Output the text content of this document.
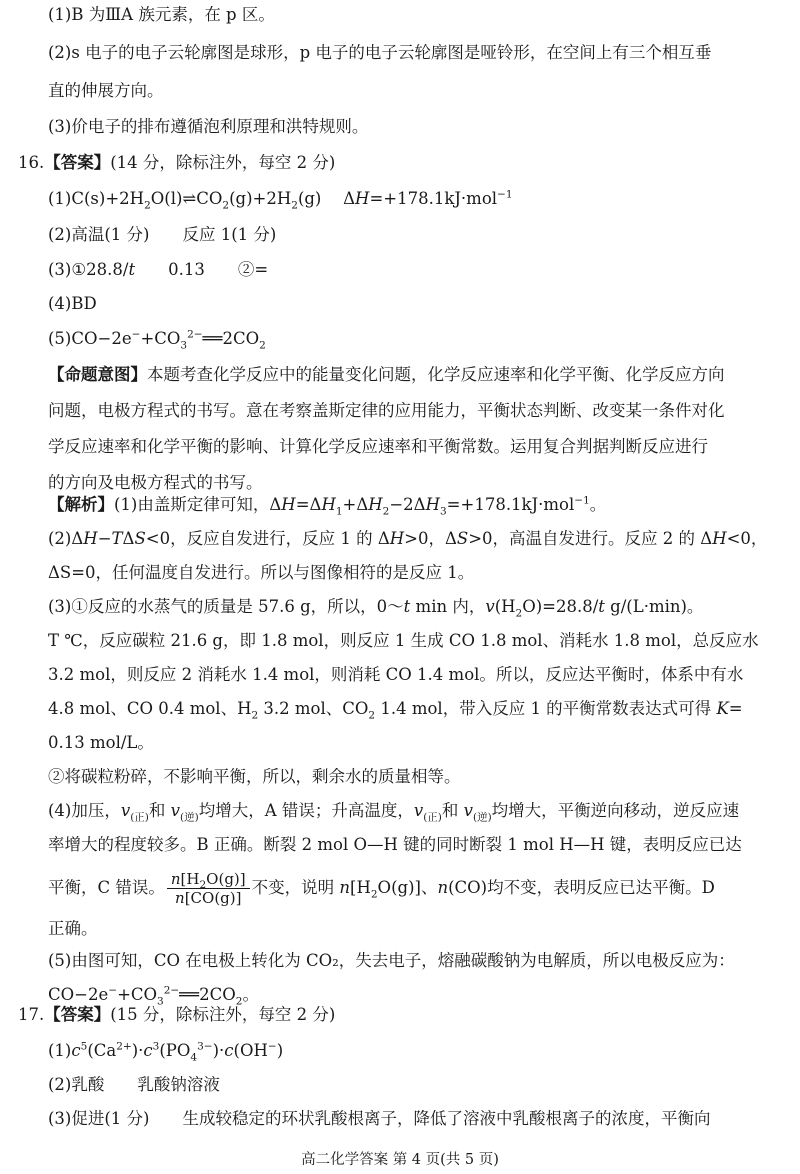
(1)B 为ⅢA 族元素，在 p 区。
(2)s 电子的电子云轮廓图是球形，p 电子的电子云轮廓图是哑铃形，在空间上有三个相互垂
直的伸展方向。
(3)价电子的排布遵循泡利原理和洪特规则。
16.【答案】(14 分，除标注外，每空 2 分)
$(1)C(s)+2H_2O(l)\rightleftharpoons CO_2(g)+2H_2(g)$　 ΔH=+178.1kJ·mol$^{-1}$
(2)高温(1 分)　　反应 1(1 分)
(3)①28.8/t　　0.13　　②=
(4)BD
$(5)CO-2e^-+CO_3^{2-}══2CO_2$
【命题意图】本题考查化学反应中的能量变化问题，化学反应速率和化学平衡、化学反应方向
问题，电极方程式的书写。意在考察盖斯定律的应用能力，平衡状态判断、改变某一条件对化
学反应速率和化学平衡的影响、计算化学反应速率和平衡常数。运用复合判据判断反应进行
的方向及电极方程式的书写。
【解析】(1)由盖斯定律可知，$\Delta H=\Delta H_1+\Delta H_2-2\Delta H_3=+178.1kJ\cdot mol^{-1}$。
(2)ΔH−TΔS<0，反应自发进行，反应 1 的 ΔH>0，ΔS>0，高温自发进行。反应 2 的 ΔH<0，
ΔS=0，任何温度自发进行。所以与图像相符的是反应 1。
(3)①反应的水蒸气的质量是 57.6 g，所以，0～t min 内，$v(H_2O)=28.8/t$ g/(L·min)。
T ℃，反应碳粒 21.6 g，即 1.8 mol，则反应 1 生成 CO 1.8 mol、消耗水 1.8 mol，总反应水
3.2 mol，则反应 2 消耗水 1.4 mol，则消耗 CO 1.4 mol。所以，反应达平衡时，体系中有水
4.8 mol、CO 0.4 mol、$H_2$ 3.2 mol、$CO_2$ 1.4 mol，带入反应 1 的平衡常数表达式可得 K=
0.13 mol/L。
②将碳粒粉碎，不影响平衡，所以，剩余水的质量相等。
(4)加压，$v_{(正)}$和 $v_{(逆)}$均增大，A 错误；升高温度，$v_{(正)}$和 $v_{(逆)}$均增大，平衡逆向移动，逆反应速
率增大的程度较多。B 正确。断裂 2 mol O—H 键的同时断裂 1 mol H—H 键，表明反应已达
平衡，C 错误。 $\frac{n[H_2O(g)]}{n[CO(g)]}$ 不变，说明 $n[H_2O(g)]$、n(CO)均不变，表明反应已达平衡。D
正确。
(5)由图可知，CO 在电极上转化为 CO₂，失去电子，熔融碳酸钠为电解质，所以电极反应为：
$CO-2e^-+CO_3^{2-}══2CO_2$。
17.【答案】(15 分，除标注外，每空 2 分)
$(1)c^5(Ca^{2+})\cdot c^3(PO_4^{3-})\cdot c(OH^-)$
高二化学答案 第 4 页(共 5 页)
(2)乳酸　　乳酸钠溶液
(3)促进(1 分)　　生成较稳定的环状乳酸根离子，降低了溶液中乳酸根离子的浓度，平衡向
